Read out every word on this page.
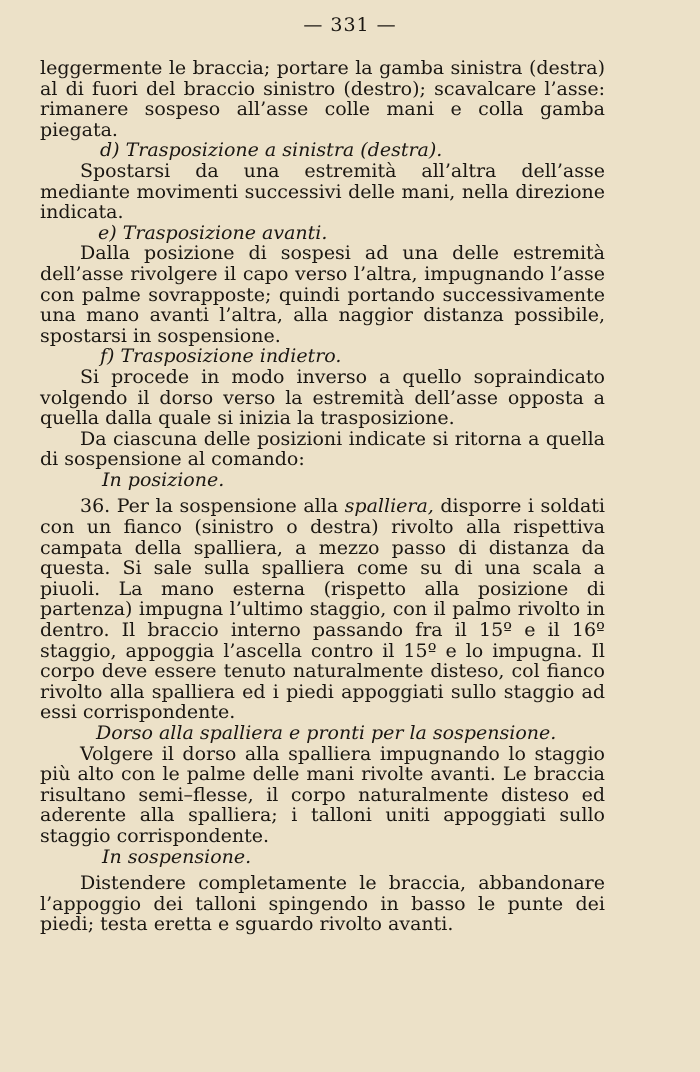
— 331 —

leggermente le braccia; portare la gamba sinistra (destra) al di fuori del braccio sinistro (destro); scavalcare l’asse: rimanere sospeso all’asse colle mani e colla gamba piegata.

d) Trasposizione a sinistra (destra).

Spostarsi da una estremità all’altra dell’asse mediante movimenti successivi delle mani, nella direzione indicata.

e) Trasposizione avanti.

Dalla posizione di sospesi ad una delle estremità dell’asse rivolgere il capo verso l’altra, impugnando l’asse con palme sovrapposte; quindi portando successivamente una mano avanti l’altra, alla naggior distanza possibile, spostarsi in sospensione.

f) Trasposizione indietro.

Si procede in modo inverso a quello sopraindicato volgendo il dorso verso la estremità dell’asse opposta a quella dalla quale si inizia la trasposizione.

Da ciascuna delle posizioni indicate si ritorna a quella di sospensione al comando:

In posizione.

36. Per la sospensione alla spalliera, disporre i soldati con un fianco (sinistro o destra) rivolto alla rispettiva campata della spalliera, a mezzo passo di distanza da questa. Si sale sulla spalliera come su di una scala a piuoli. La mano esterna (rispetto alla posizione di partenza) impugna l’ultimo staggio, con il palmo rivolto in dentro. Il braccio interno passando fra il 15º e il 16º staggio, appoggia l’ascella contro il 15º e lo impugna. Il corpo deve essere tenuto naturalmente disteso, col fianco rivolto alla spalliera ed i piedi appoggiati sullo staggio ad essi corrispondente.

Dorso alla spalliera e pronti per la sospensione.

Volgere il dorso alla spalliera impugnando lo staggio più alto con le palme delle mani rivolte avanti. Le braccia risultano semi–flesse, il corpo naturalmente disteso ed aderente alla spalliera; i talloni uniti appoggiati sullo staggio corrispondente.

In sospensione.

Distendere completamente le braccia, abbandonare l’appoggio dei talloni spingendo in basso le punte dei piedi; testa eretta e sguardo rivolto avanti.
